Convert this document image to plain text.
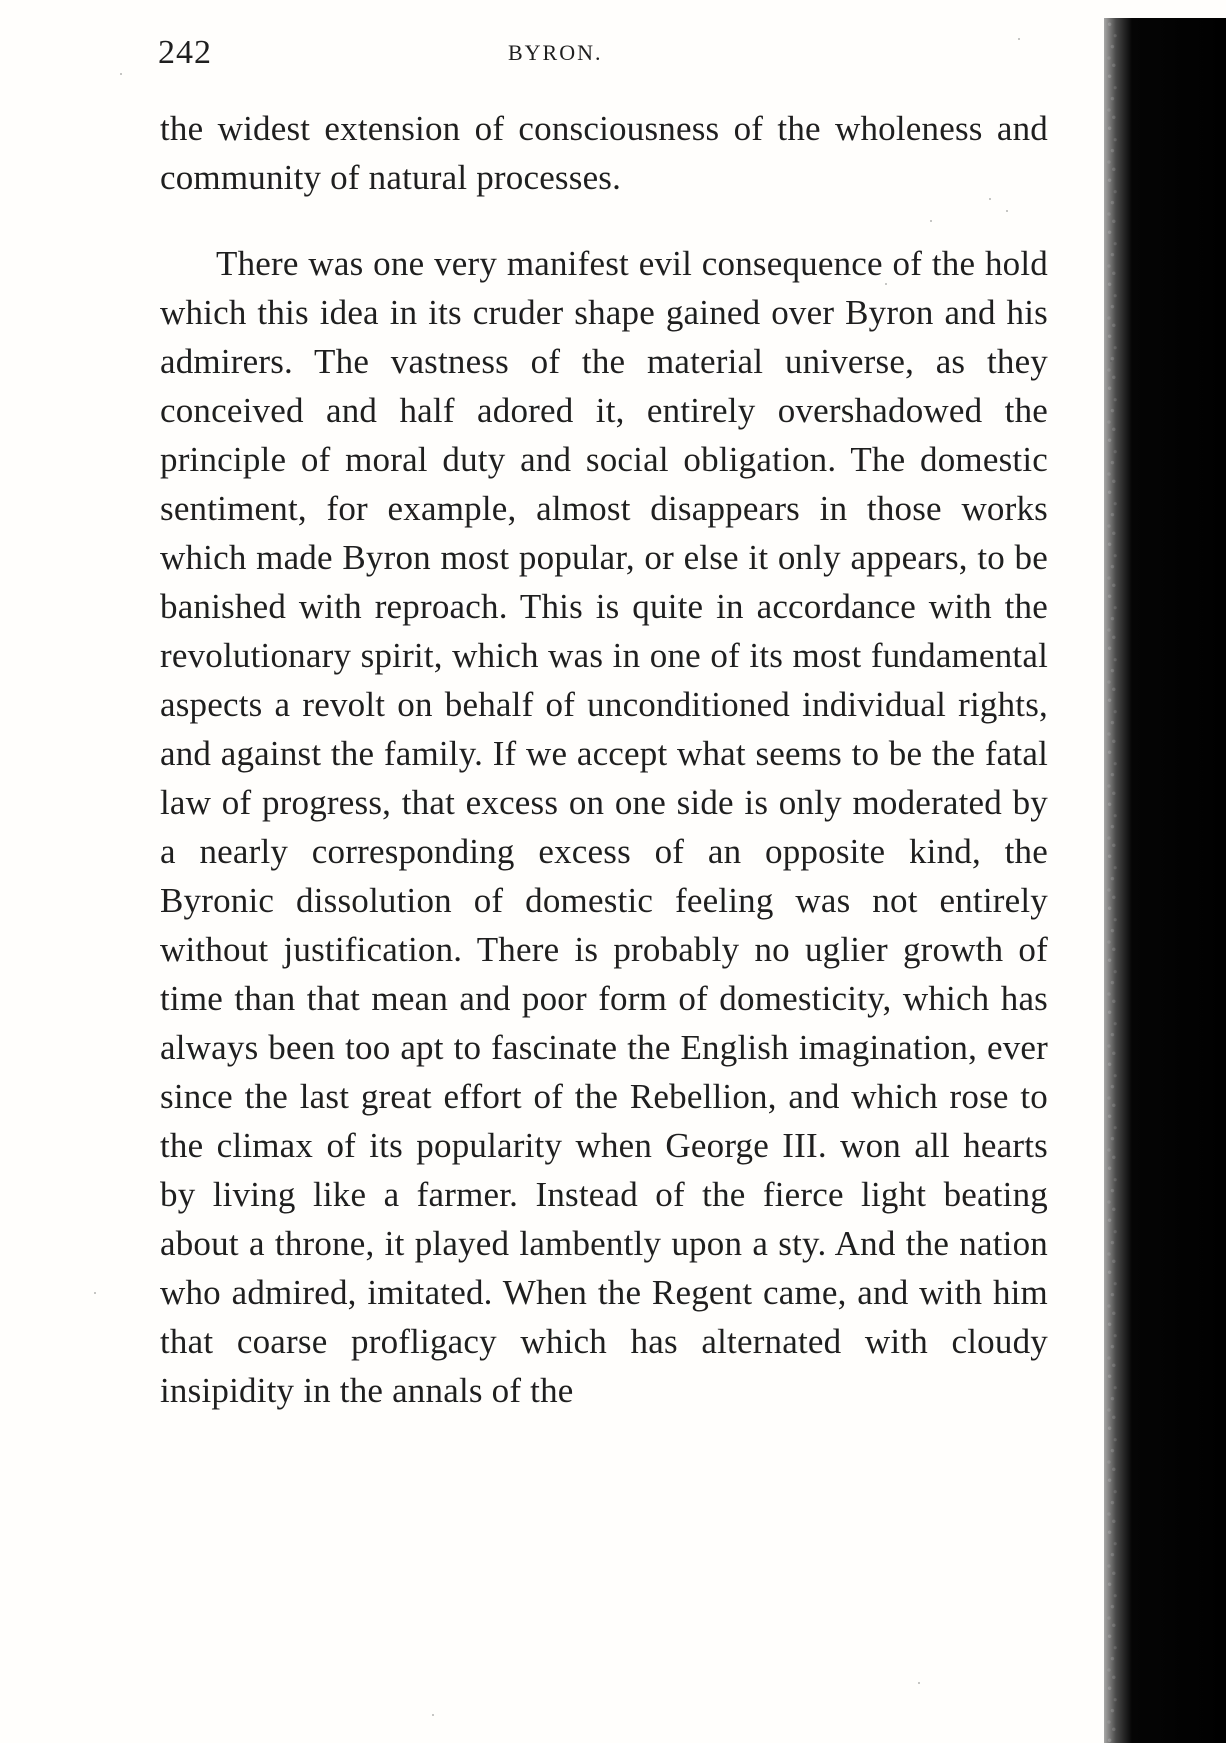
242	BYRON.

the widest extension of consciousness of the wholeness and community of natural processes.

There was one very manifest evil consequence of the hold which this idea in its cruder shape gained over Byron and his admirers. The vastness of the material universe, as they conceived and half adored it, entirely overshadowed the principle of moral duty and social obligation. The domestic sentiment, for example, almost disappears in those works which made Byron most popular, or else it only appears, to be banished with reproach. This is quite in accordance with the revolutionary spirit, which was in one of its most fundamental aspects a revolt on behalf of unconditioned individual rights, and against the family. If we accept what seems to be the fatal law of progress, that excess on one side is only moderated by a nearly corresponding excess of an opposite kind, the Byronic dissolution of domestic feeling was not entirely without justification. There is probably no uglier growth of time than that mean and poor form of domesticity, which has always been too apt to fascinate the English imagination, ever since the last great effort of the Rebellion, and which rose to the climax of its popularity when George III. won all hearts by living like a farmer. Instead of the fierce light beating about a throne, it played lambently upon a sty. And the nation who admired, imitated. When the Regent came, and with him that coarse profligacy which has alternated with cloudy insipidity in the annals of the
